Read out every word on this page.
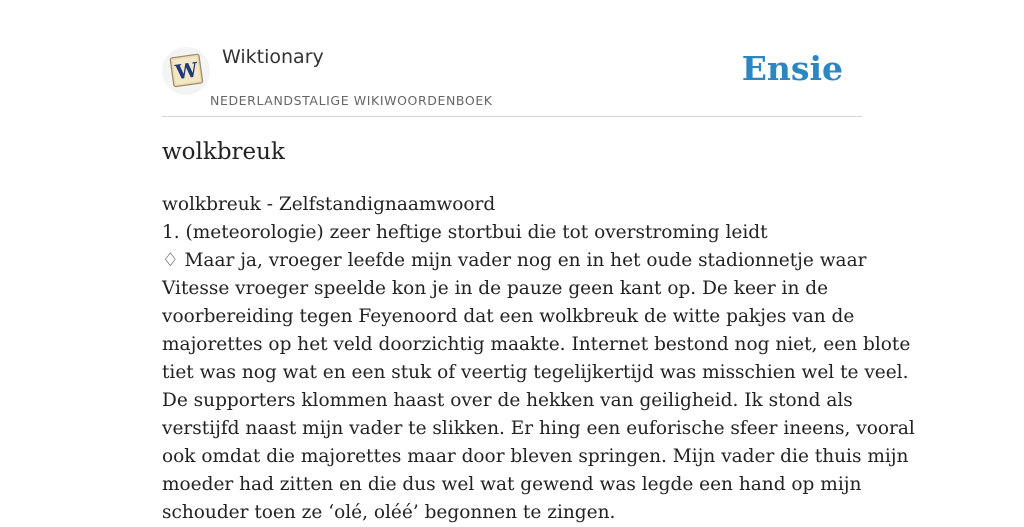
W
Wiktionary
NEDERLANDSTALIGE WIKIWOORDENBOEK
Ensie
wolkbreuk
wolkbreuk - Zelfstandignaamwoord
1. (meteorologie) zeer heftige stortbui die tot overstroming leidt
♢ Maar ja, vroeger leefde mijn vader nog en in het oude stadionnetje waar
Vitesse vroeger speelde kon je in de pauze geen kant op. De keer in de
voorbereiding tegen Feyenoord dat een wolkbreuk de witte pakjes van de
majorettes op het veld doorzichtig maakte. Internet bestond nog niet, een blote
tiet was nog wat en een stuk of veertig tegelijkertijd was misschien wel te veel.
De supporters klommen haast over de hekken van geiligheid. Ik stond als
verstijfd naast mijn vader te slikken. Er hing een euforische sfeer ineens, vooral
ook omdat die majorettes maar door bleven springen. Mijn vader die thuis mijn
moeder had zitten en die dus wel wat gewend was legde een hand op mijn
schouder toen ze ‘olé, oléé’ begonnen te zingen.
